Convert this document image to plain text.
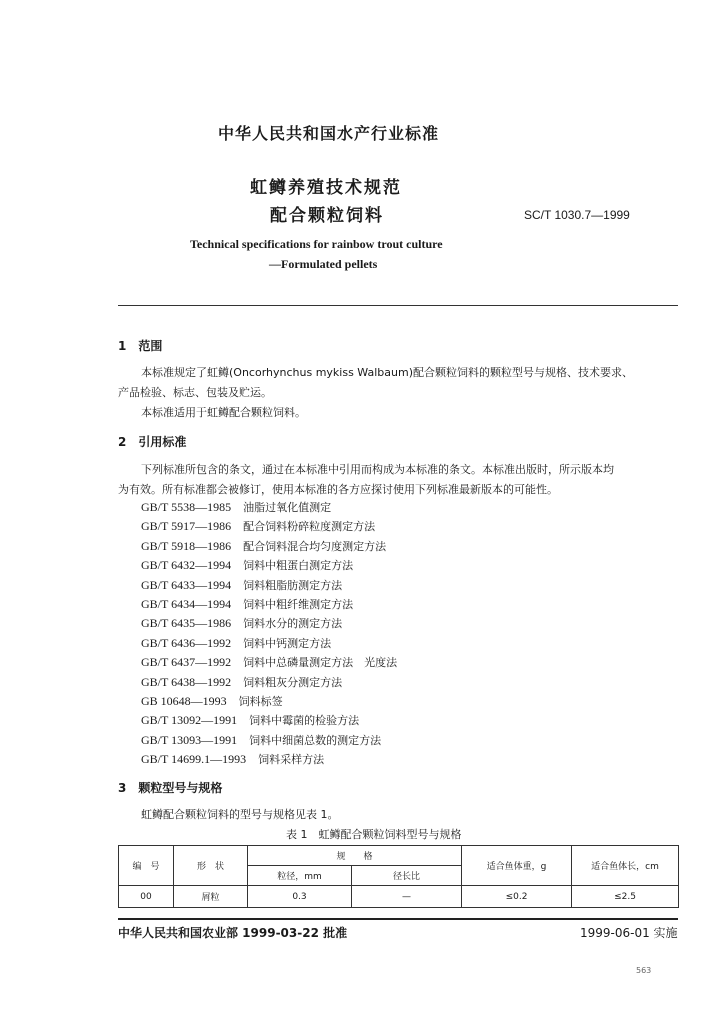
中华人民共和国水产行业标准
虹鳟养殖技术规范
配合颗粒饲料	SC/T 1030.7—1999
Technical specifications for rainbow trout culture
—Formulated pellets
1　范围
本标准规定了虹鳟(Oncorhynchus mykiss Walbaum)配合颗粒饲料的颗粒型号与规格、技术要求、
产品检验、标志、包装及贮运。
本标准适用于虹鳟配合颗粒饲料。
2　引用标准
下列标准所包含的条文，通过在本标准中引用而构成为本标准的条文。本标准出版时，所示版本均
为有效。所有标准都会被修订，使用本标准的各方应探讨使用下列标准最新版本的可能性。
GB/T 5538—1985 油脂过氧化值测定
GB/T 5917—1986 配合饲料粉碎粒度测定方法
GB/T 5918—1986 配合饲料混合均匀度测定方法
GB/T 6432—1994 饲料中粗蛋白测定方法
GB/T 6433—1994 饲料粗脂肪测定方法
GB/T 6434—1994 饲料中粗纤维测定方法
GB/T 6435—1986 饲料水分的测定方法
GB/T 6436—1992 饲料中钙测定方法
GB/T 6437—1992 饲料中总磷量测定方法　光度法
GB/T 6438—1992 饲料粗灰分测定方法
GB 10648—1993 饲料标签
GB/T 13092—1991 饲料中霉菌的检验方法
GB/T 13093—1991 饲料中细菌总数的测定方法
GB/T 14699.1—1993 饲料采样方法
3　颗粒型号与规格
虹鳟配合颗粒饲料的型号与规格见表 1。
表 1　虹鳟配合颗粒饲料型号与规格
编　号	形　状	规　　格		适合鱼体重，g	适合鱼体长，cm
		粒径，mm	径长比		
00	屑粒	0.3	—	≤0.2	≤2.5
中华人民共和国农业部 1999-03-22 批准	1999-06-01 实施
563
